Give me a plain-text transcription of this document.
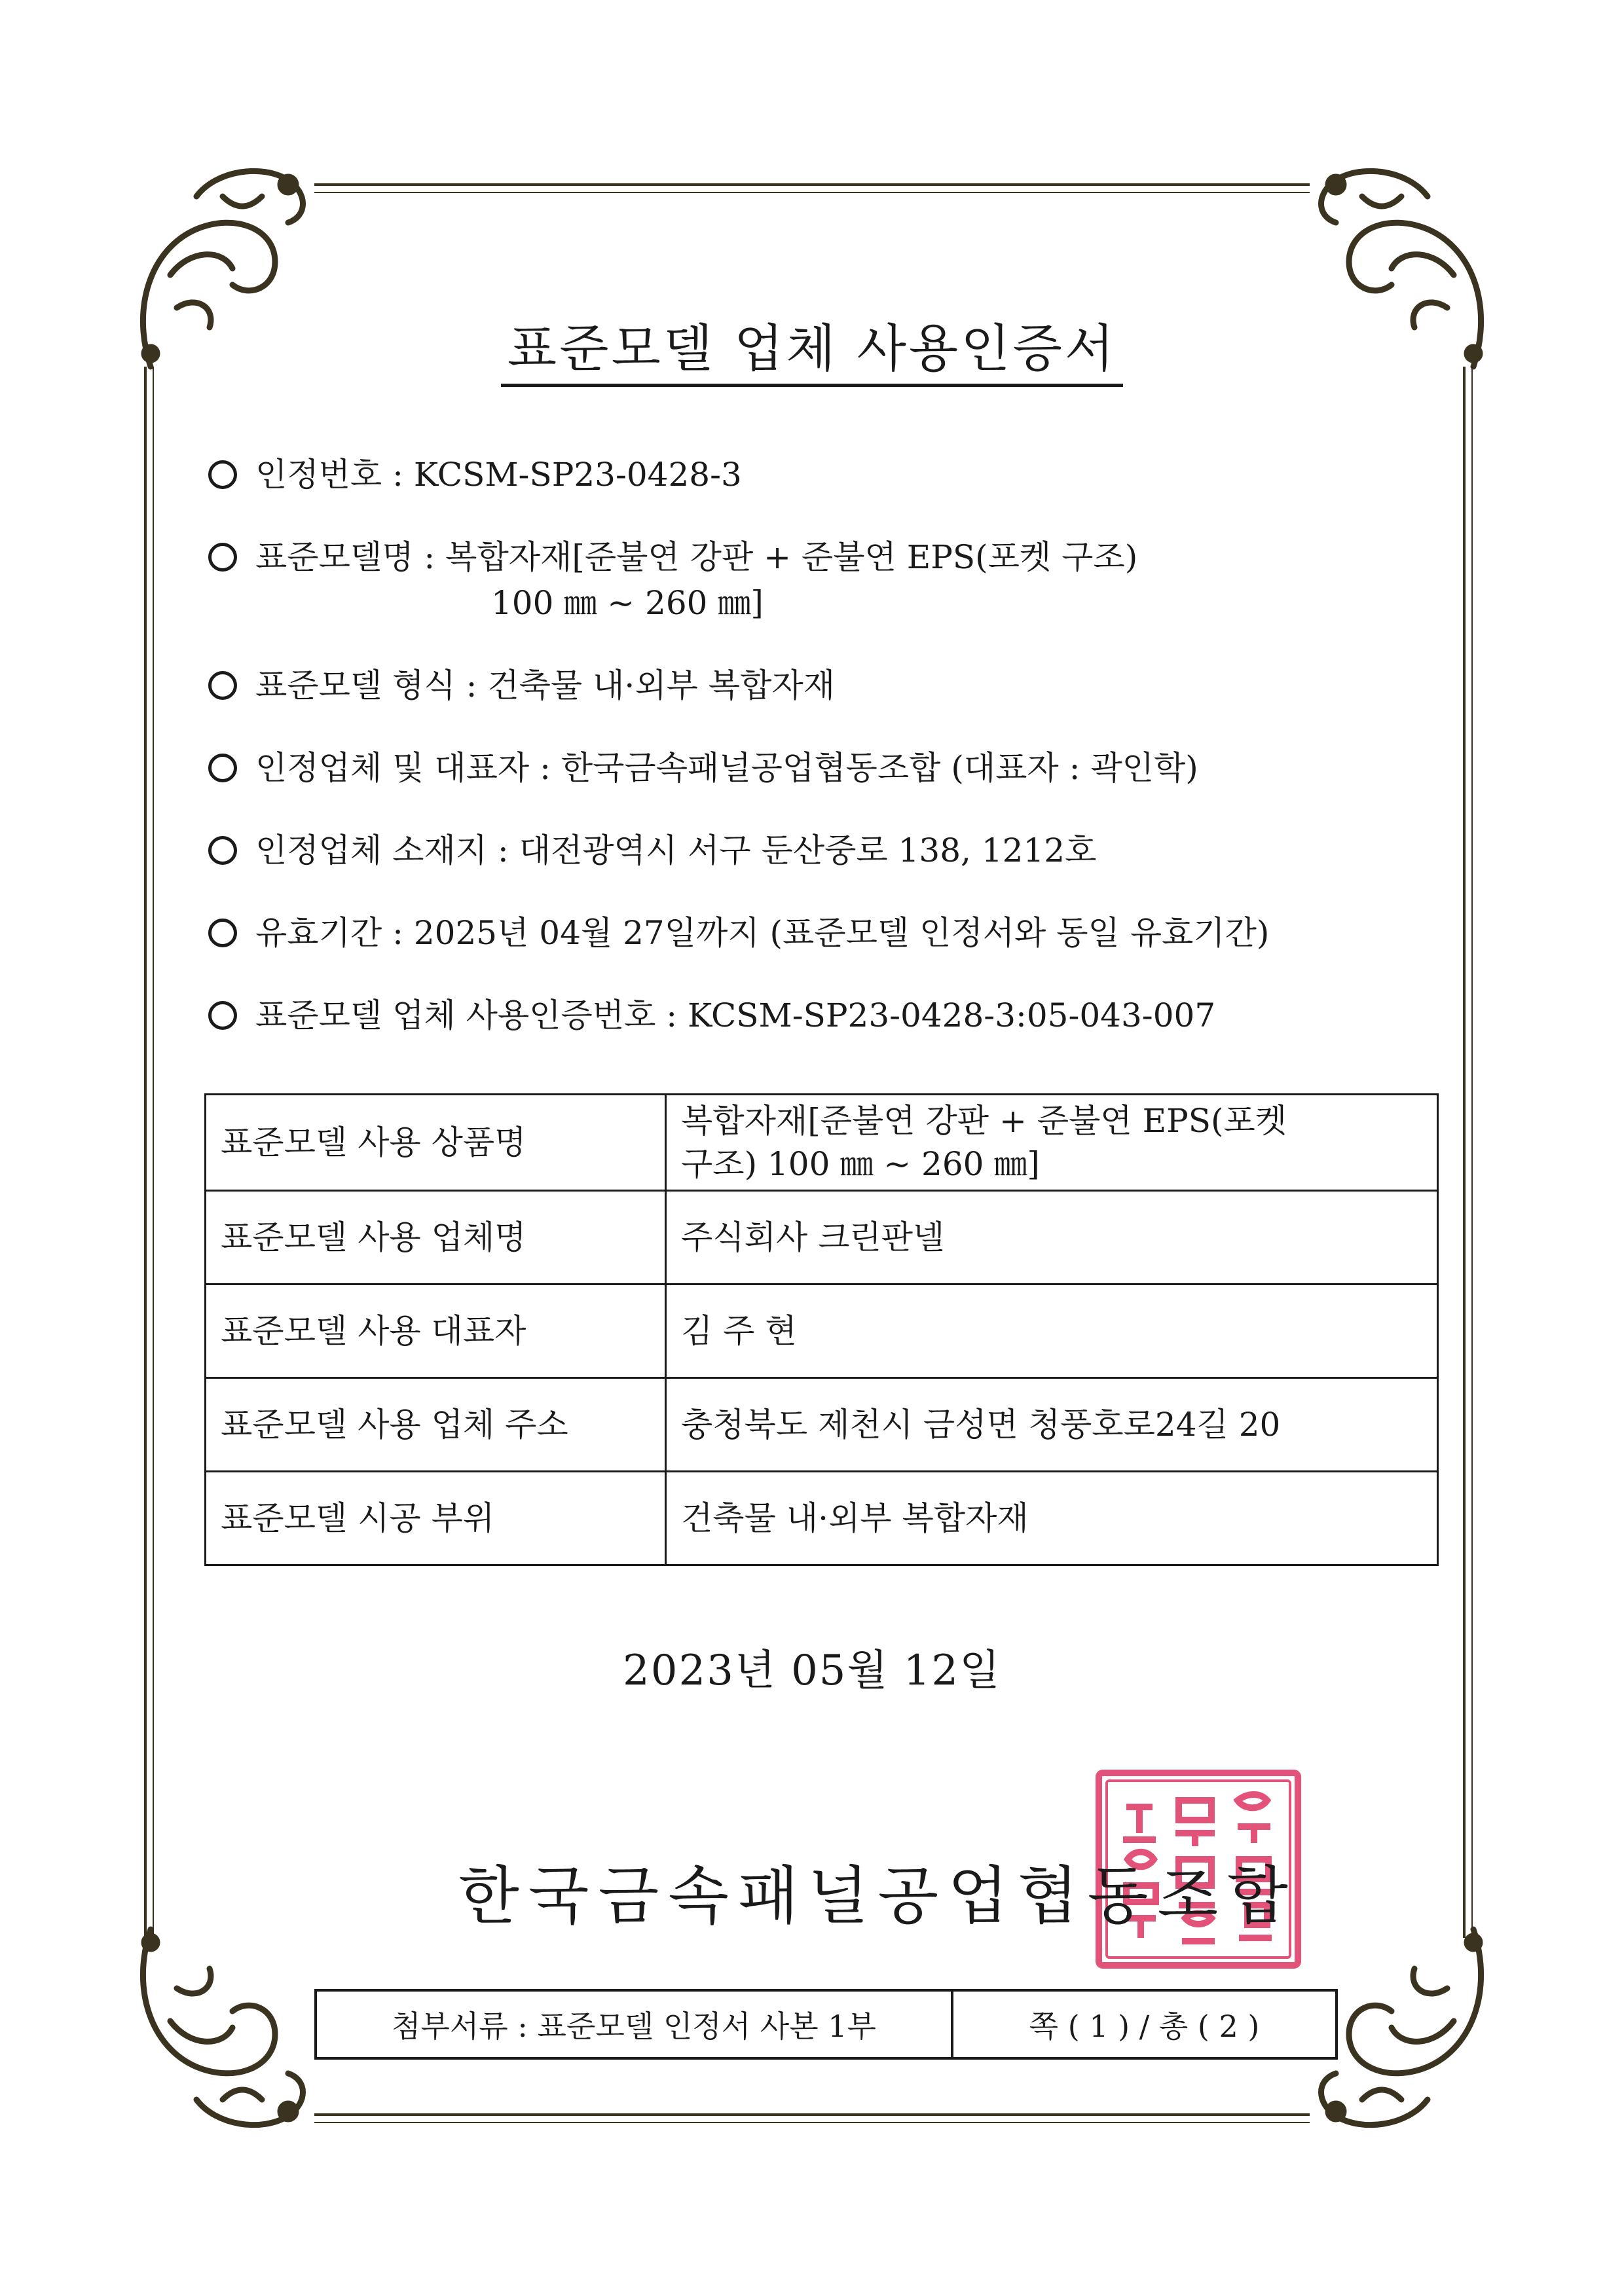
표준모델 업체 사용인증서
인정번호 : KCSM-SP23-0428-3
표준모델명 : 복합자재[준불연 강판 + 준불연 EPS(포켓 구조)
100 ㎜ ~ 260 ㎜]
표준모델 형식 : 건축물 내·외부 복합자재
인정업체 및 대표자 : 한국금속패널공업협동조합 (대표자 : 곽인학)
인정업체 소재지 : 대전광역시 서구 둔산중로 138, 1212호
유효기간 : 2025년 04월 27일까지 (표준모델 인정서와 동일 유효기간)
표준모델 업체 사용인증번호 : KCSM-SP23-0428-3:05-043-007
표준모델 사용 상품명	복합자재[준불연 강판 + 준불연 EPS(포켓
구조) 100 ㎜ ~ 260 ㎜]
표준모델 사용 업체명	주식회사 크린판넬
표준모델 사용 대표자	김 주 현
표준모델 사용 업체 주소	충청북도 제천시 금성면 청풍호로24길 20
표준모델 시공 부위	건축물 내·외부 복합자재
2023년 05월 12일
한국금속패널공업협동조합
첨부서류 : 표준모델 인정서 사본 1부	쪽 ( 1 ) / 총 ( 2 )
